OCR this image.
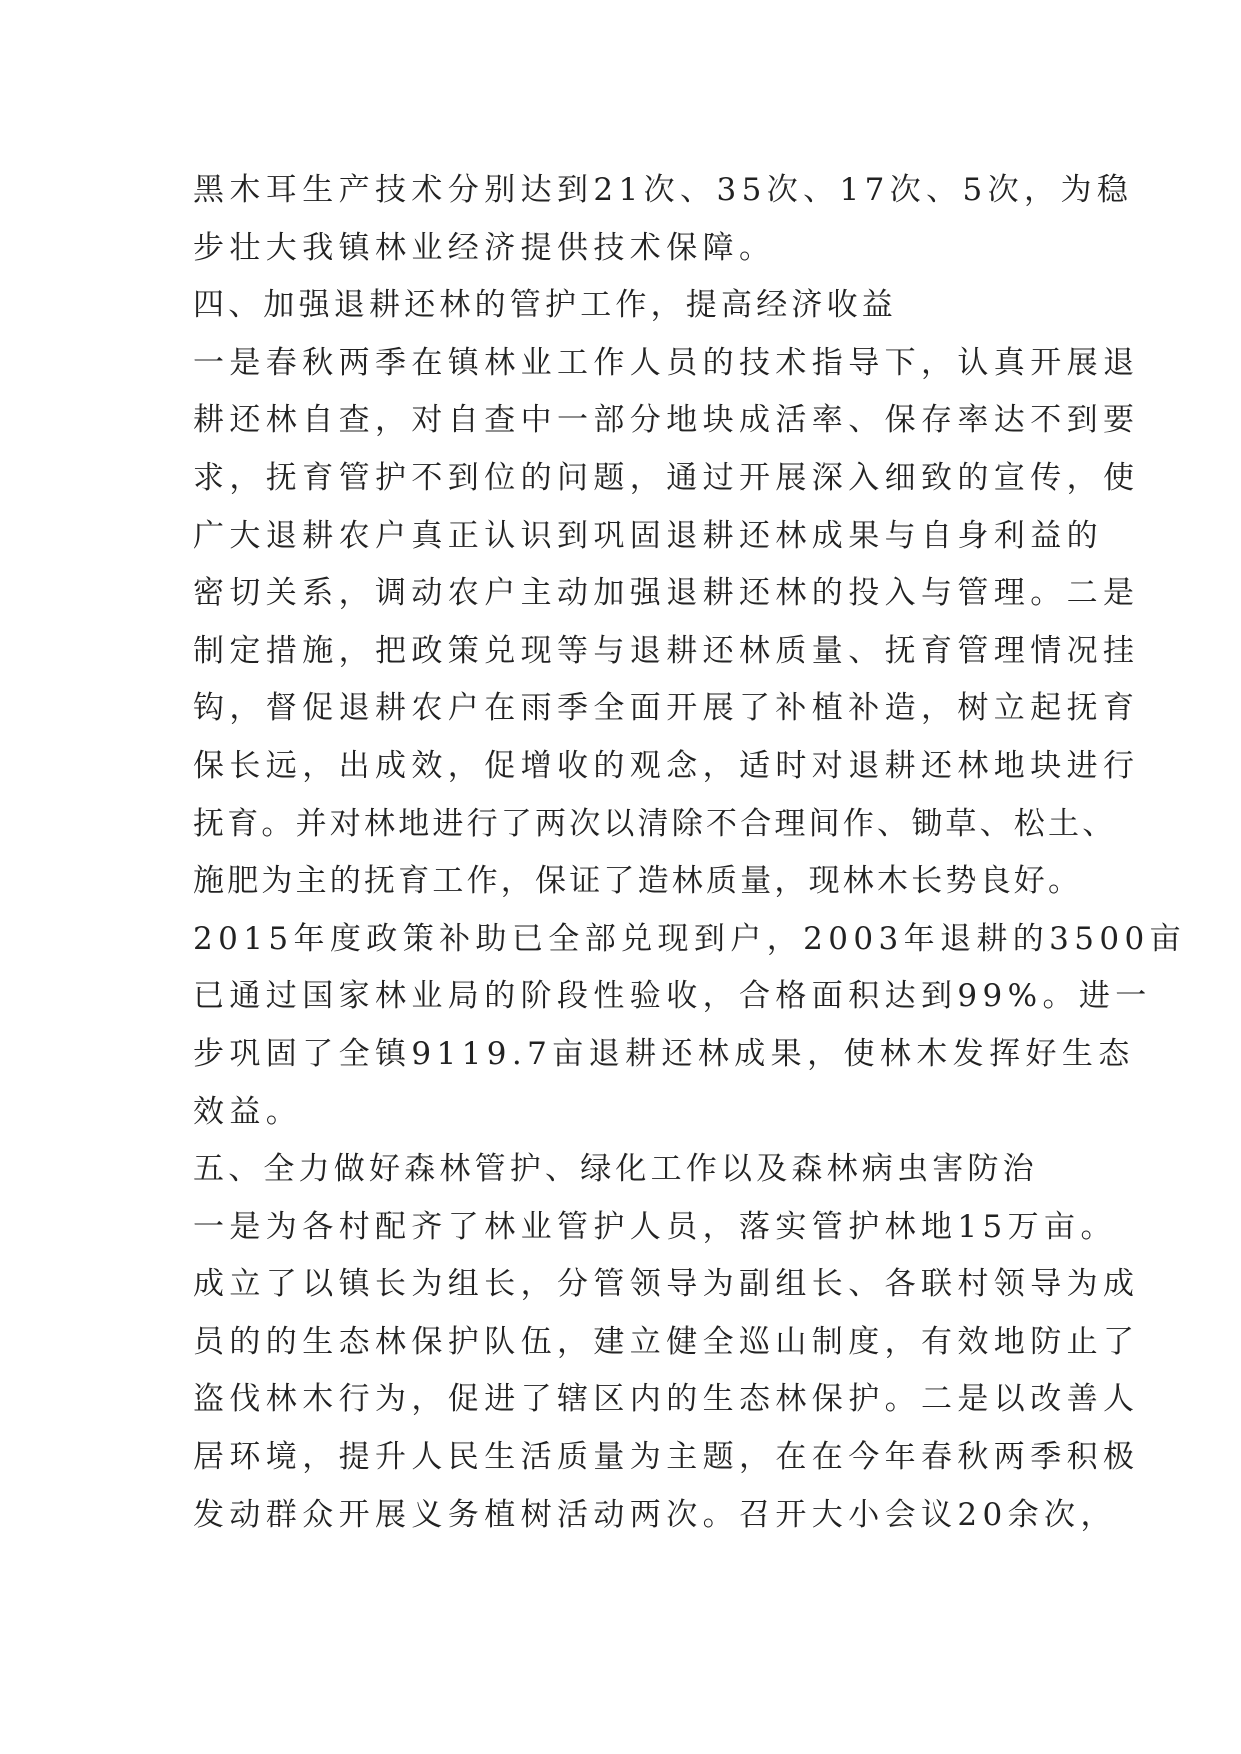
黑木耳生产技术分别达到21次、35次、17次、5次，为稳
步壮大我镇林业经济提供技术保障。
四、加强退耕还林的管护工作，提高经济收益
一是春秋两季在镇林业工作人员的技术指导下，认真开展退
耕还林自查，对自查中一部分地块成活率、保存率达不到要
求，抚育管护不到位的问题，通过开展深入细致的宣传，使
广大退耕农户真正认识到巩固退耕还林成果与自身利益的
密切关系，调动农户主动加强退耕还林的投入与管理。二是
制定措施，把政策兑现等与退耕还林质量、抚育管理情况挂
钩，督促退耕农户在雨季全面开展了补植补造，树立起抚育
保长远，出成效，促增收的观念，适时对退耕还林地块进行
抚育。并对林地进行了两次以清除不合理间作、锄草、松土、
施肥为主的抚育工作，保证了造林质量，现林木长势良好。
2015年度政策补助已全部兑现到户，2003年退耕的3500亩
已通过国家林业局的阶段性验收，合格面积达到99%。进一
步巩固了全镇9119.7亩退耕还林成果，使林木发挥好生态
效益。
五、全力做好森林管护、绿化工作以及森林病虫害防治
一是为各村配齐了林业管护人员，落实管护林地15万亩。
成立了以镇长为组长，分管领导为副组长、各联村领导为成
员的的生态林保护队伍，建立健全巡山制度，有效地防止了
盗伐林木行为，促进了辖区内的生态林保护。二是以改善人
居环境，提升人民生活质量为主题，在在今年春秋两季积极
发动群众开展义务植树活动两次。召开大小会议20余次，
